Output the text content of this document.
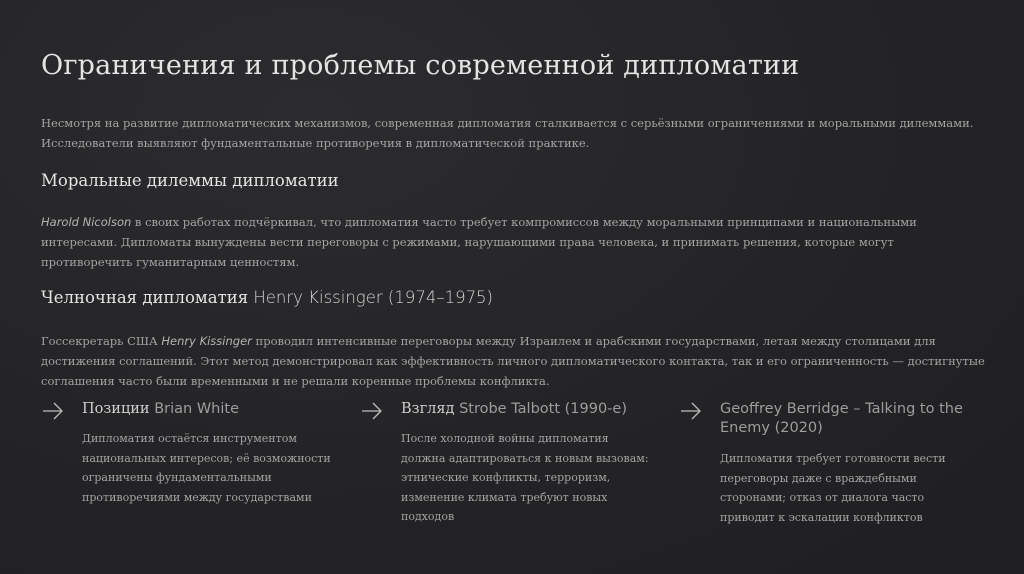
Ограничения и проблемы современной дипломатии
Несмотря на развитие дипломатических механизмов, современная дипломатия сталкивается с серьёзными ограничениями и моральными дилеммами. Исследователи выявляют фундаментальные противоречия в дипломатической практике.
Моральные дилеммы дипломатии
Harold Nicolson в своих работах подчёркивал, что дипломатия часто требует компромиссов между моральными принципами и национальными интересами. Дипломаты вынуждены вести переговоры с режимами, нарушающими права человека, и принимать решения, которые могут противоречить гуманитарным ценностям.
Челночная дипломатия Henry Kissinger (1974–1975)
Госсекретарь США Henry Kissinger проводил интенсивные переговоры между Израилем и арабскими государствами, летая между столицами для достижения соглашений. Этот метод демонстрировал как эффективность личного дипломатического контакта, так и его ограниченность — достигнутые соглашения часто были временными и не решали коренные проблемы конфликта.
Позиции Brian White
Дипломатия остаётся инструментом национальных интересов; её возможности ограничены фундаментальными противоречиями между государствами
Взгляд Strobe Talbott (1990-е)
После холодной войны дипломатия должна адаптироваться к новым вызовам: этнические конфликты, терроризм, изменение климата требуют новых подходов
Geoffrey Berridge – Talking to the Enemy (2020)
Дипломатия требует готовности вести переговоры даже с враждебными сторонами; отказ от диалога часто приводит к эскалации конфликтов
